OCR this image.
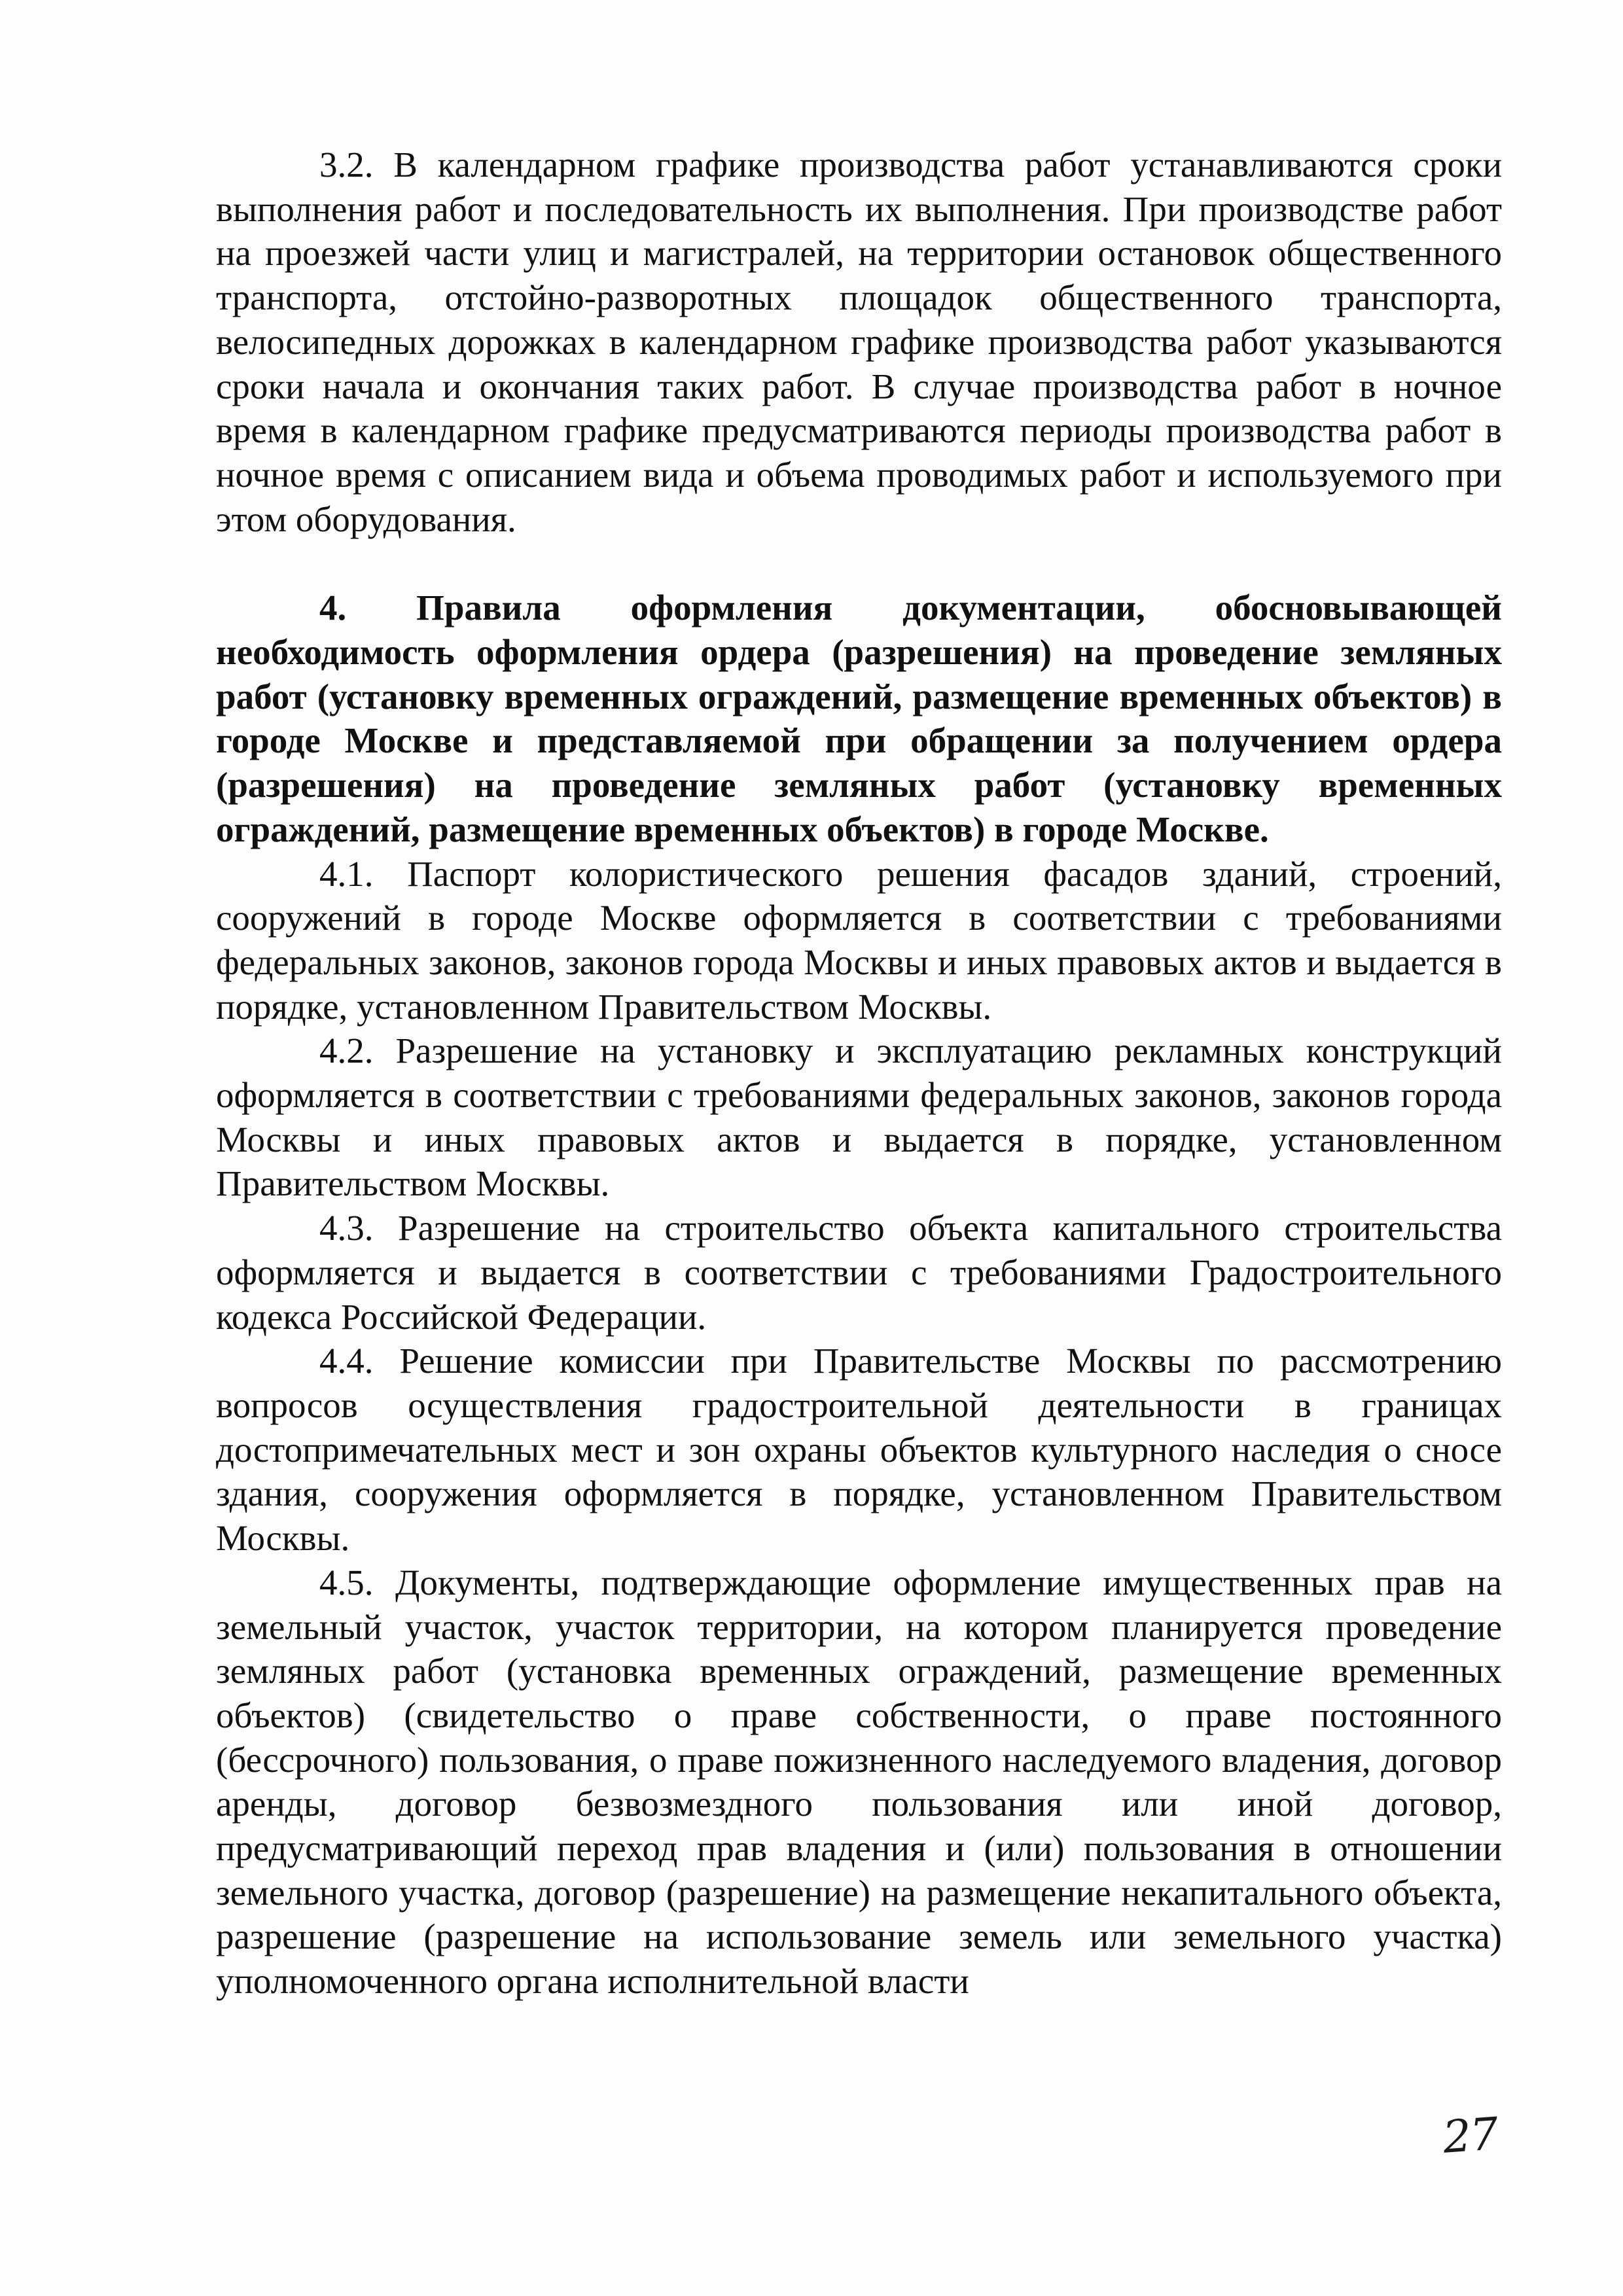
3.2. В календарном графике производства работ устанавливаются сроки выполнения работ и последовательность их выполнения. При производстве работ на проезжей части улиц и магистралей, на территории остановок общественного транспорта, отстойно-разворотных площадок общественного транспорта, велосипедных дорожках в календарном графике производства работ указываются сроки начала и окончания таких работ. В случае производства работ в ночное время в календарном графике предусматриваются периоды производства работ в ночное время с описанием вида и объема проводимых работ и используемого при этом оборудования.

4. Правила оформления документации, обосновывающей необходимость оформления ордера (разрешения) на проведение земляных работ (установку временных ограждений, размещение временных объектов) в городе Москве и представляемой при обращении за получением ордера (разрешения) на проведение земляных работ (установку временных ограждений, размещение временных объектов) в городе Москве.

4.1. Паспорт колористического решения фасадов зданий, строений, сооружений в городе Москве оформляется в соответствии с требованиями федеральных законов, законов города Москвы и иных правовых актов и выдается в порядке, установленном Правительством Москвы.

4.2. Разрешение на установку и эксплуатацию рекламных конструкций оформляется в соответствии с требованиями федеральных законов, законов города Москвы и иных правовых актов и выдается в порядке, установленном Правительством Москвы.

4.3. Разрешение на строительство объекта капитального строительства оформляется и выдается в соответствии с требованиями Градостроительного кодекса Российской Федерации.

4.4. Решение комиссии при Правительстве Москвы по рассмотрению вопросов осуществления градостроительной деятельности в границах достопримечательных мест и зон охраны объектов культурного наследия о сносе здания, сооружения оформляется в порядке, установленном Правительством Москвы.

4.5. Документы, подтверждающие оформление имущественных прав на земельный участок, участок территории, на котором планируется проведение земляных работ (установка временных ограждений, размещение временных объектов) (свидетельство о праве собственности, о праве постоянного (бессрочного) пользования, о праве пожизненного наследуемого владения, договор аренды, договор безвозмездного пользования или иной договор, предусматривающий переход прав владения и (или) пользования в отношении земельного участка, договор (разрешение) на размещение некапитального объекта, разрешение (разрешение на использование земель или земельного участка) уполномоченного органа исполнительной власти

27
